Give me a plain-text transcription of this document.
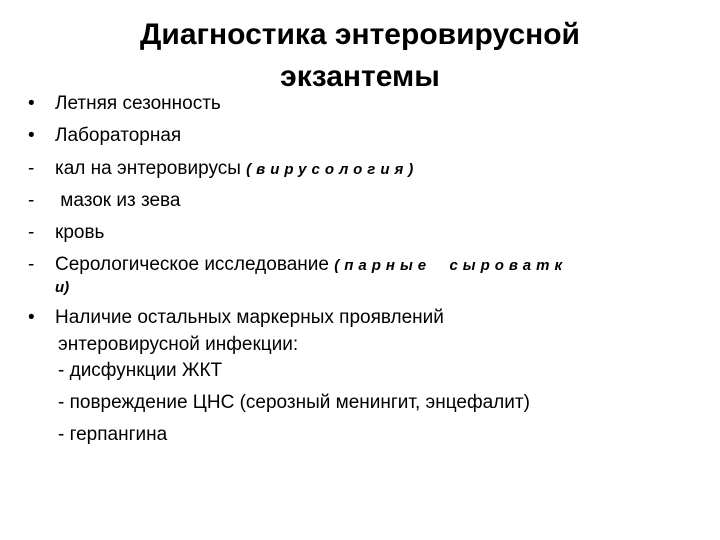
Диагностика энтеровирусной
экзантемы
•	Летняя сезонность
•	Лабораторная
-	кал на энтеровирусы (вирусология)
-	мазок из зева
-	кровь
-	Серологическое исследование (парные  сыроватк
и)
•	Наличие остальных маркерных проявлений
энтеровирусной инфекции:
- дисфункции ЖКТ
- повреждение ЦНС (серозный менингит, энцефалит)
- герпангина
